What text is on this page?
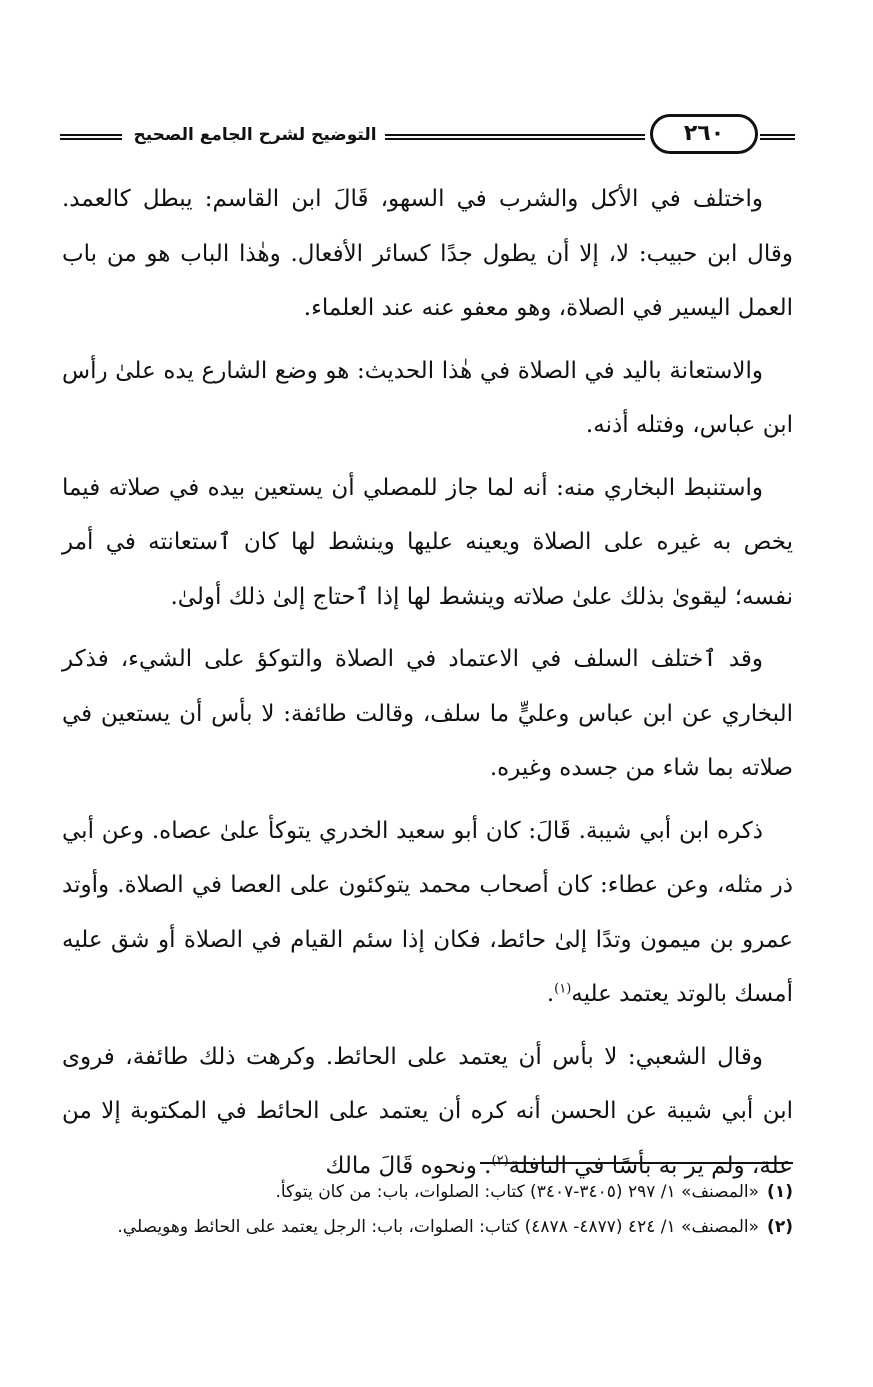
التوضيح لشرح الجامع الصحيح	٢٦٠

واختلف في الأكل والشرب في السهو، قَالَ ابن القاسم: يبطل كالعمد. وقال ابن حبيب: لا، إلا أن يطول جدًا كسائر الأفعال. وهٰذا الباب هو من باب العمل اليسير في الصلاة، وهو معفو عنه عند العلماء.

والاستعانة باليد في الصلاة في هٰذا الحديث: هو وضع الشارع يده علىٰ رأس ابن عباس، وفتله أذنه.

واستنبط البخاري منه: أنه لما جاز للمصلي أن يستعين بيده في صلاته فيما يخص به غيره على الصلاة ويعينه عليها وينشط لها كان ٱستعانته في أمر نفسه؛ ليقوىٰ بذلك علىٰ صلاته وينشط لها إذا ٱحتاج إلىٰ ذلك أولىٰ.

وقد ٱختلف السلف في الاعتماد في الصلاة والتوكؤ على الشيء، فذكر البخاري عن ابن عباس وعليٍّ ما سلف، وقالت طائفة: لا بأس أن يستعين في صلاته بما شاء من جسده وغيره.

ذكره ابن أبي شيبة. قَالَ: كان أبو سعيد الخدري يتوكأ علىٰ عصاه. وعن أبي ذر مثله، وعن عطاء: كان أصحاب محمد يتوكئون على العصا في الصلاة. وأوتد عمرو بن ميمون وتدًا إلىٰ حائط، فكان إذا سئم القيام في الصلاة أو شق عليه أمسك بالوتد يعتمد عليه$^{(١)}$.

وقال الشعبي: لا بأس أن يعتمد على الحائط. وكرهت ذلك طائفة، فروى ابن أبي شيبة عن الحسن أنه كره أن يعتمد على الحائط في المكتوبة إلا من علة، ولم ير به بأسًا في النافلة$^{(٢)}$. ونحوه قَالَ مالك

(١)«المصنف» ١/ ٢٩٧ (٣٤٠٥-٣٤٠٧) كتاب: الصلوات، باب: من كان يتوكأ.

(٢)«المصنف» ١/ ٤٢٤ (٤٨٧٧- ٤٨٧٨) كتاب: الصلوات، باب: الرجل يعتمد على الحائط وهويصلي.
